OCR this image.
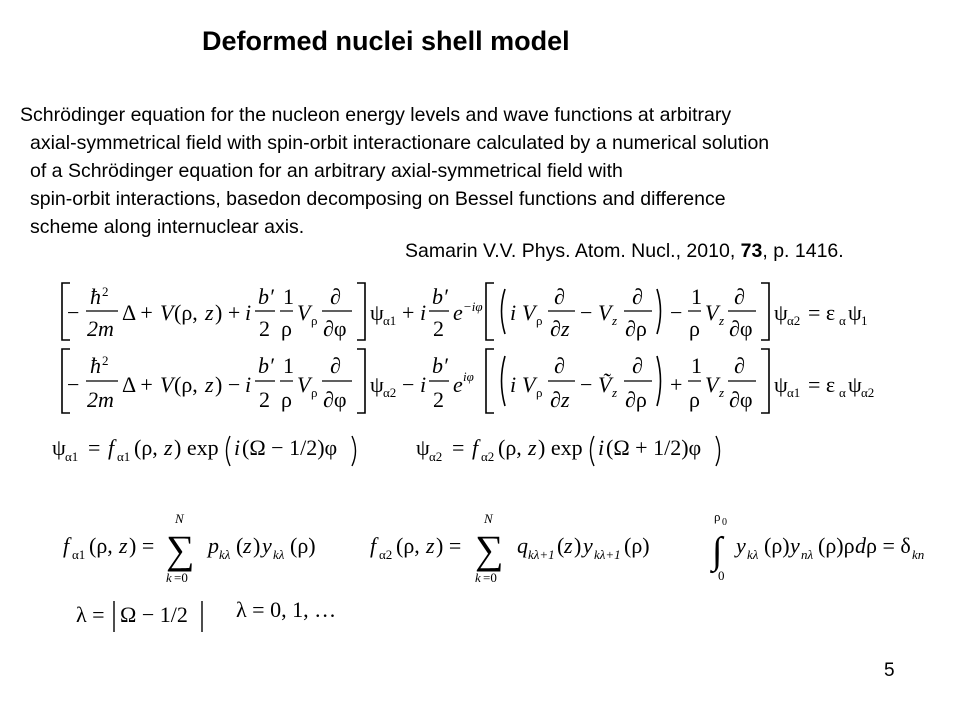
Deformed nuclei shell model
Schrödinger equation for the nucleon energy levels and wave functions at arbitrary
axial-symmetrical field with spin-orbit interactionare calculated by a numerical solution
of a Schrödinger equation for an arbitrary axial-symmetrical field with
spin-orbit interactions, basedon decomposing on Bessel functions and difference
scheme along internuclear axis.
Samarin V.V. Phys. Atom. Nucl., 2010, 73, p. 1416.
−
ħ 2
2m
Δ + V (ρ, z ) + i
b′
2
1
ρ
V ρ
∂
∂φ
ψ α1 + i
b′
2
e −iφ i V ρ
∂
∂ z
− V z
∂
∂ρ
−
1
ρ
V z
∂
∂φ
ψ α2 = ε α ψ 1
−
ħ 2
2m
Δ + V (ρ, z ) − i
b′
2
1
ρ
V ρ
∂
∂φ
ψ α2 − i
b′
2
e iφ i V ρ
∂
∂ z
− Ṽ z
∂
∂ρ
+
1
ρ
V z
∂
∂φ
ψ α1 = ε α ψ α2
ψ α1 = f α1 (ρ, z ) exp i (Ω − 1/2)φ	ψ α2 = f α2 (ρ, z ) exp i (Ω + 1/2)φ
f α1 (ρ, z ) =
N
∑
k =0
p kλ ( z ) y kλ (ρ) f α2 (ρ, z ) =
N
∑
k =0
q kλ+1 ( z ) y kλ+1 (ρ)
ρ 0
∫
0
y kλ (ρ) y nλ (ρ)ρ d ρ = δ kn
λ = Ω − 1/2 λ = 0, 1, …
5
